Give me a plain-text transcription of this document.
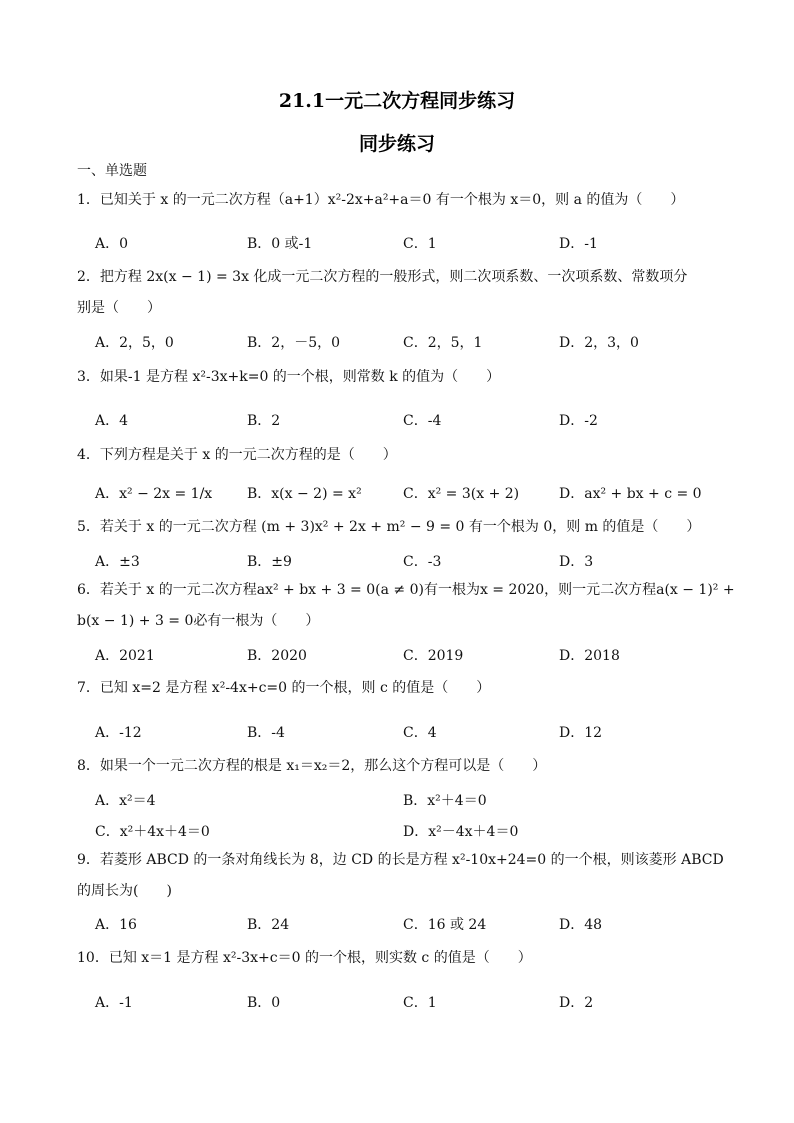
21.1一元二次方程同步练习
同步练习
一、单选题
1．已知关于 x 的一元二次方程（a+1）x²-2x+a²+a＝0 有一个根为 x＝0，则 a 的值为（　　）
A．0	B．0 或-1	C．1	D．-1
2．把方程 2x(x − 1) = 3x 化成一元二次方程的一般形式，则二次项系数、一次项系数、常数项分
别是（　　）
A．2，5，0	B．2，－5，0	C．2，5，1	D．2，3，0
3．如果-1 是方程 x²-3x+k=0 的一个根，则常数 k 的值为（　　）
A．4	B．2	C．-4	D．-2
4．下列方程是关于 x 的一元二次方程的是（　　）
A．x² − 2x = 1/x B．x(x − 2) = x²	C．x² = 3(x + 2)	D．ax² + bx + c = 0
5．若关于 x 的一元二次方程 (m + 3)x² + 2x + m² − 9 = 0 有一个根为 0，则 m 的值是（　　）
A．±3	B．±9	C．-3	D．3
6．若关于 x 的一元二次方程ax² + bx + 3 = 0(a ≠ 0)有一根为x = 2020，则一元二次方程a(x − 1)² +
b(x − 1) + 3 = 0必有一根为（　　）
A．2021	B．2020	C．2019	D．2018
7．已知 x=2 是方程 x²-4x+c=0 的一个根，则 c 的值是（　　）
A．-12	B．-4	C．4	D．12
8．如果一个一元二次方程的根是 x₁＝x₂＝2，那么这个方程可以是（　　）
A．x²＝4	B．x²＋4＝0
C．x²＋4x＋4＝0	D．x²－4x＋4＝0
9．若菱形 ABCD 的一条对角线长为 8，边 CD 的长是方程 x²-10x+24=0 的一个根，则该菱形 ABCD
的周长为(　　)
A．16	B．24	C．16 或 24	D．48
10．已知 x＝1 是方程 x²-3x+c＝0 的一个根，则实数 c 的值是（　　）
A．-1	B．0	C．1	D．2
